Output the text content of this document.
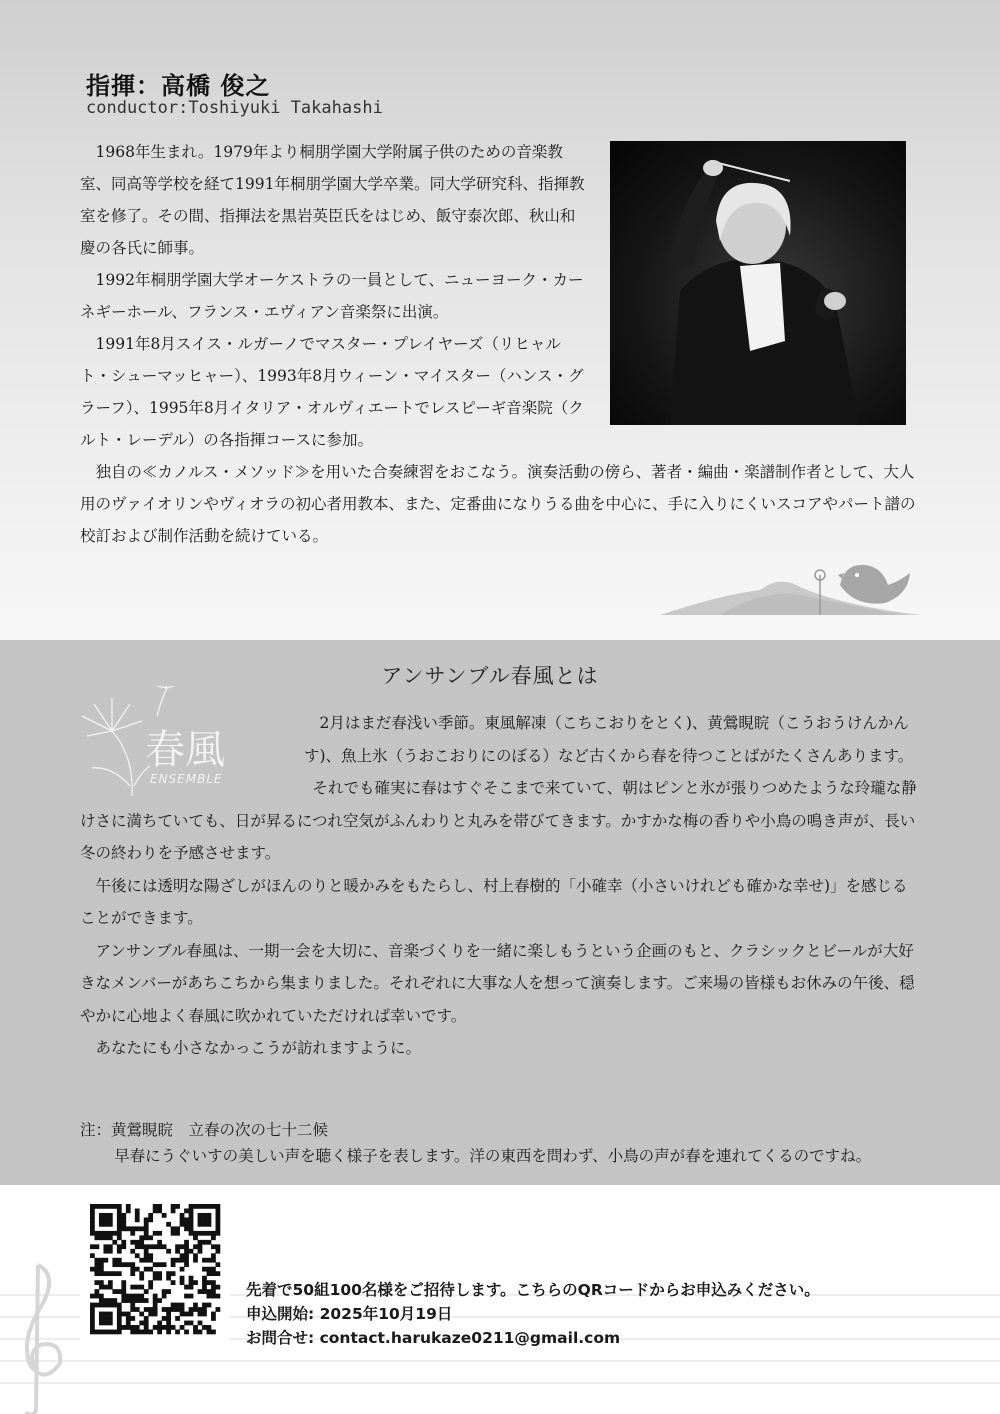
指揮：高橋 俊之
conductor:Toshiyuki Takahashi

1968年生まれ。1979年より桐朋学園大学附属子供のための音楽教室、同高等学校を経て1991年桐朋学園大学卒業。同大学研究科、指揮教室を修了。その間、指揮法を黒岩英臣氏をはじめ、飯守泰次郎、秋山和慶の各氏に師事。

1992年桐朋学園大学オーケストラの一員として、ニューヨーク・カーネギーホール、フランス・エヴィアン音楽祭に出演。

1991年8月スイス・ルガーノでマスター・プレイヤーズ（リヒャルト・シューマッヒャー）、1993年8月ウィーン・マイスター（ハンス・グラーフ）、1995年8月イタリア・オルヴィエートでレスピーギ音楽院（クルト・レーデル）の各指揮コースに参加。

独自の≪カノルス・メソッド≫を用いた合奏練習をおこなう。演奏活動の傍ら、著者・編曲・楽譜制作者として、大人用のヴァイオリンやヴィオラの初心者用教本、また、定番曲になりうる曲を中心に、手に入りにくいスコアやパート譜の校訂および制作活動を続けている。

アンサンブル春風とは
春風
ENSEMBLE

2月はまだ春浅い季節。東風解凍（こちこおりをとく)、黄鶯睍睆（こうおうけんかんす)、魚上氷（うおこおりにのぼる）など古くから春を待つことばがたくさんあります。

それでも確実に春はすぐそこまで来ていて、朝はピンと氷が張りつめたような玲瓏な静けさに満ちていても、日が昇るにつれ空気がふんわりと丸みを帯びてきます。かすかな梅の香りや小鳥の鳴き声が、長い冬の終わりを予感させます。

午後には透明な陽ざしがほんのりと暖かみをもたらし、村上春樹的「小確幸（小さいけれども確かな幸せ)」を感じることができます。

アンサンブル春風は、一期一会を大切に、音楽づくりを一緒に楽しもうという企画のもと、クラシックとビールが大好きなメンバーがあちこちから集まりました。それぞれに大事な人を想って演奏します。ご来場の皆様もお休みの午後、穏やかに心地よく春風に吹かれていただければ幸いです。

あなたにも小さなかっこうが訪れますように。

注：黄鶯睍睆　立春の次の七十二候

早春にうぐいすの美しい声を聴く様子を表します。洋の東西を問わず、小鳥の声が春を連れてくるのですね。

先着で50組100名様をご招待します。こちらのQRコードからお申込みください。
申込開始: 2025年10月19日
お問合せ: contact.harukaze0211@gmail.com
